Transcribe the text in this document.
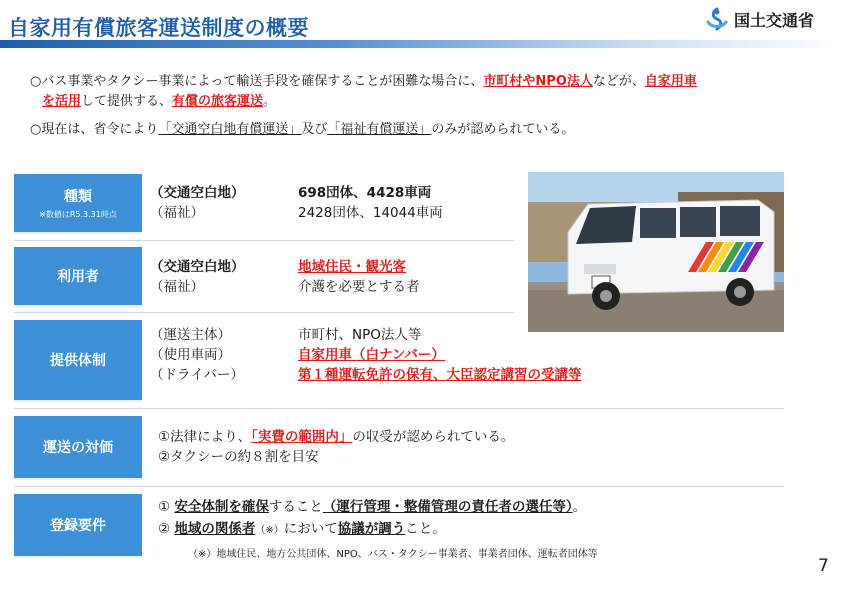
自家用有償旅客運送制度の概要	国土交通省
○バス事業やタクシー事業によって輸送手段を確保することが困難な場合に、市町村やNPO法人などが、自家用車
を活用して提供する、有償の旅客運送。
○現在は、省令により「交通空白地有償運送」及び「福祉有償運送」のみが認められている。
種類
※数値はR5.3.31時点
（交通空白地）	698団体、4428車両
（福祉）	2428団体、14044車両
利用者
（交通空白地）	地域住民・観光客
（福祉）	介護を必要とする者
提供体制
（運送主体）	市町村、NPO法人等
（使用車両）	自家用車（白ナンバー）
（ドライバー）	第１種運転免許の保有、大臣認定講習の受講等
運送の対価
①法律により、「実費の範囲内」の収受が認められている。
②タクシーの約８割を目安
登録要件
① 安全体制を確保すること（運行管理・整備管理の責任者の選任等）。
② 地域の関係者（※）において協議が調うこと。
（※）地域住民、地方公共団体、NPO、バス・タクシー事業者、事業者団体、運転者団体等
7
